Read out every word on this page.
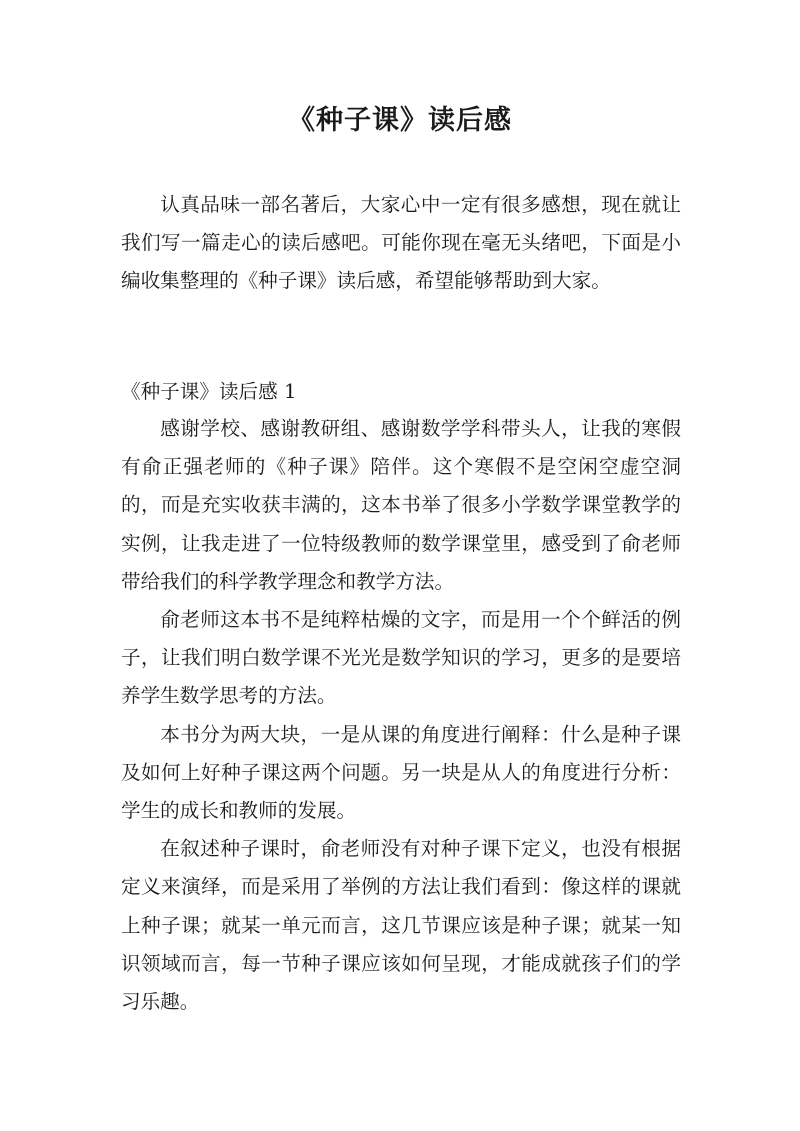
《种子课》读后感

认真品味一部名著后，大家心中一定有很多感想，现在就让我们写一篇走心的读后感吧。可能你现在毫无头绪吧，下面是小编收集整理的《种子课》读后感，希望能够帮助到大家。

《种子课》读后感 1

感谢学校、感谢教研组、感谢数学学科带头人，让我的寒假有俞正强老师的《种子课》陪伴。这个寒假不是空闲空虚空洞的，而是充实收获丰满的，这本书举了很多小学数学课堂教学的实例，让我走进了一位特级教师的数学课堂里，感受到了俞老师带给我们的科学教学理念和教学方法。

俞老师这本书不是纯粹枯燥的文字，而是用一个个鲜活的例子，让我们明白数学课不光光是数学知识的学习，更多的是要培养学生数学思考的方法。

本书分为两大块，一是从课的角度进行阐释：什么是种子课及如何上好种子课这两个问题。另一块是从人的角度进行分析：学生的成长和教师的发展。

在叙述种子课时，俞老师没有对种子课下定义，也没有根据定义来演绎，而是采用了举例的方法让我们看到：像这样的课就上种子课；就某一单元而言，这几节课应该是种子课；就某一知识领域而言，每一节种子课应该如何呈现，才能成就孩子们的学习乐趣。
